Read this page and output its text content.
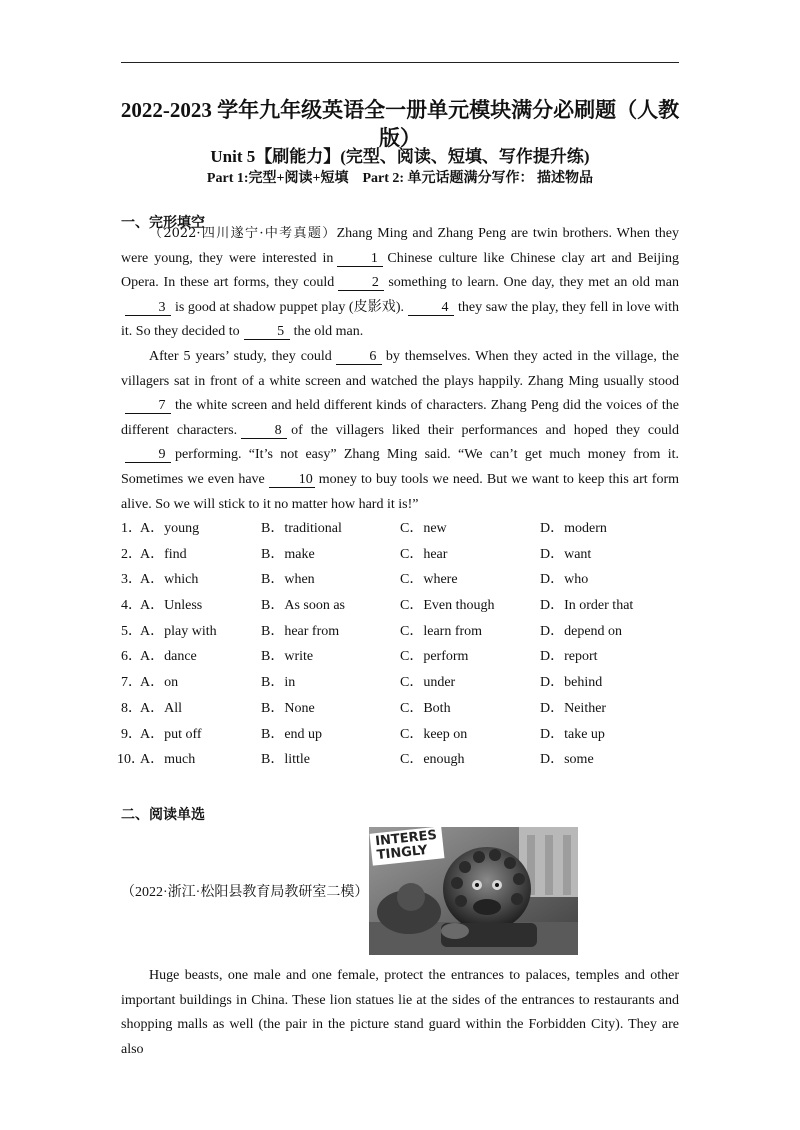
2022-2023 学年九年级英语全一册单元模块满分必刷题（人教
版）
Unit 5【刷能力】(完型、阅读、短填、写作提升练)
Part 1:完型+阅读+短填　Part 2: 单元话题满分写作： 描述物品
一、完形填空

（2022·四川遂宁·中考真题）Zhang Ming and Zhang Peng are twin brothers. When they were young, they were interested in	1 Chinese culture like Chinese clay art and Beijing Opera. In these art forms, they could	2 something to learn. One day, they met an old man3 is good at shadow puppet play (皮影戏).	4 they saw the play, they fell in love with it. So they decided to	5 the old man.

After 5 years’ study, they could	6 by themselves. When they acted in the village, the villagers sat in front of a white screen and watched the plays happily. Zhang Ming usually stood7 the white screen and held different kinds of characters. Zhang Peng did the voices of the different characters.	8 of the villagers liked their performances and hoped they could9 performing. “It’s not easy” Zhang Ming said. “We can’t get much money from it. Sometimes we even have 10 money to buy tools we need. But we want to keep this art form alive. So we will stick to it no matter how hard it is!”

1．
A．young	B．traditional	C．new	D．modern
2．
A．find	B．make	C．hear	D．want
3．
A．which	B．when	C．where	D．who
4．
A．Unless	B．As soon as	C．Even though	D．In order that
5．
A．play with	B．hear from	C．learn from	D．depend on
6．
A．dance	B．write	C．perform	D．report
7．
A．on	B．in	C．under	D．behind
8．
A．All	B．None	C．Both	D．Neither
9．
A．put off	B．end up	C．keep on	D．take up
10．
A．much	B．little	C．enough	D．some
二、阅读单选
（2022·浙江·松阳县教育局教研室二模）
INTERESTINGLY

Huge beasts, one male and one female, protect the entrances to palaces, temples and other important buildings in China. These lion statues lie at the sides of the entrances to restaurants and shopping malls as well (the pair in the picture stand guard within the Forbidden City). They are also
